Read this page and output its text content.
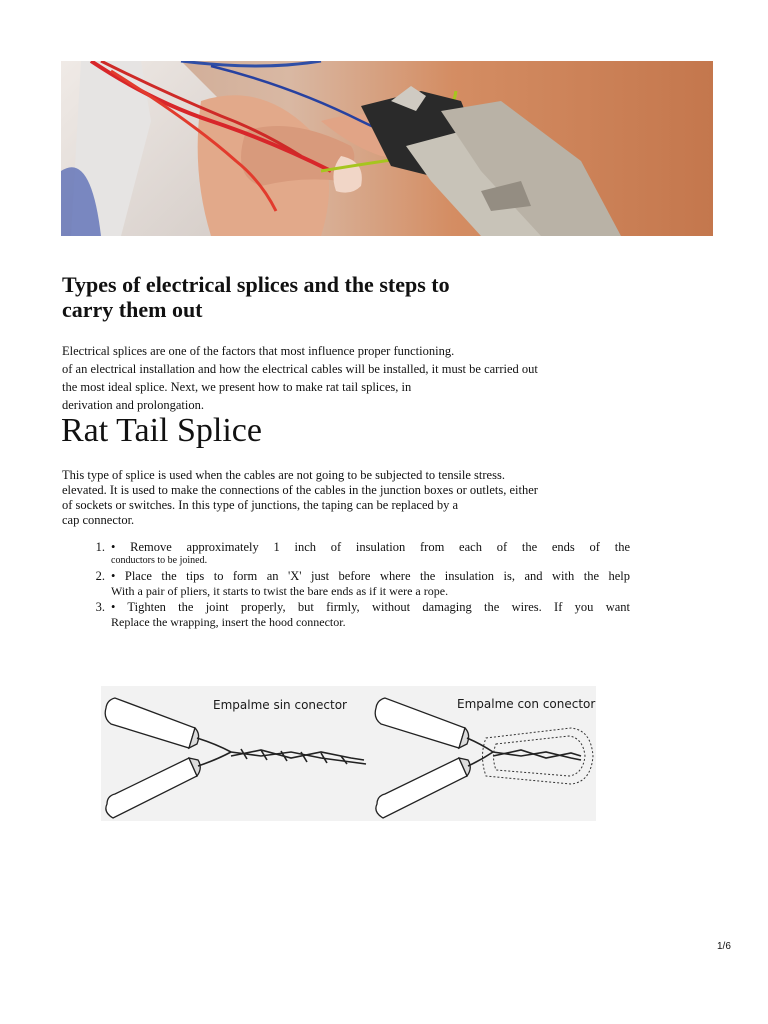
Types of electrical splices and the steps to carry them out

Electrical splices are one of the factors that most influence proper functioning.
of an electrical installation and how the electrical cables will be installed, it must be carried out
the most ideal splice. Next, we present how to make rat tail splices, in
derivation and prolongation.

Rat Tail Splice

This type of splice is used when the cables are not going to be subjected to tensile stress.
elevated. It is used to make the connections of the cables in the junction boxes or outlets, either
of sockets or switches. In this type of junctions, the taping can be replaced by a
cap connector.

1. • Remove approximately 1 inch of insulation from each of the ends of the
conductors to be joined.
2. • Place the tips to form an 'X' just before where the insulation is, and with the help
With a pair of pliers, it starts to twist the bare ends as if it were a rope.
3. • Tighten the joint properly, but firmly, without damaging the wires. If you want
Replace the wrapping, insert the hood connector.
Empalme sin conector	Empalme con conector
1/6
